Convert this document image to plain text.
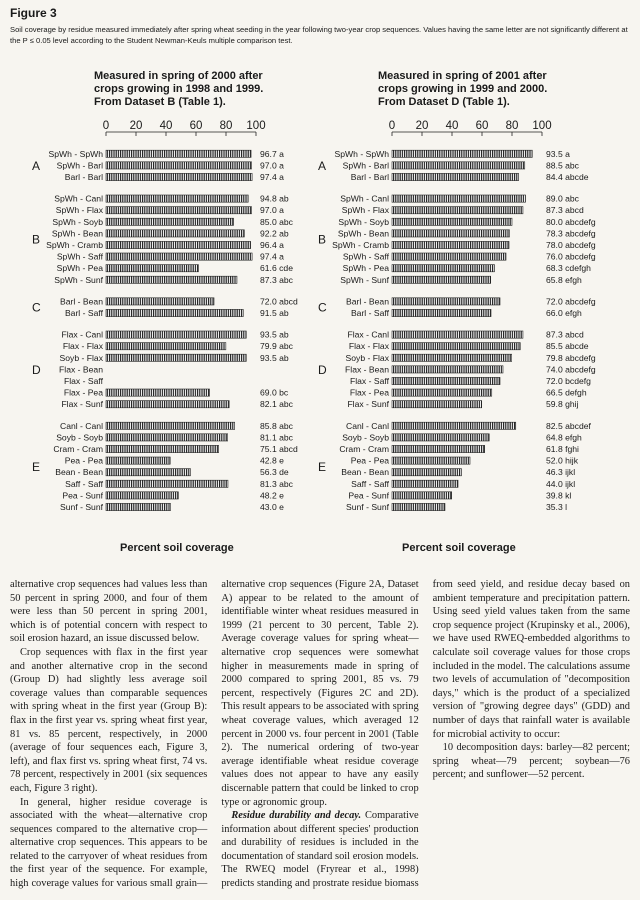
Figure 3
Soil coverage by residue measured immediately after spring wheat seeding in the year following two-year crop sequences. Values having the same letter are not significantly different at the P ≤ 0.05 level according to the Student Newman-Keuls multiple comparison test.
Measured in spring of 2000 after
crops growing in 1998 and 1999.
From Dataset B (Table 1).
0 20 40 60 80 100
SpWh - SpWh	96.7 a
SpWh - Barl	97.0 a
Barl - Barl	97.4 a
A
SpWh - Canl	94.8 ab
SpWh - Flax	97.0 a
SpWh - Soyb	85.0 abc
SpWh - Bean	92.2 ab
SpWh - Cramb	96.4 a
SpWh - Saff	97.4 a
SpWh - Pea	61.6 cde
SpWh - Sunf	87.3 abc
B
Barl - Bean	72.0 abcd
Barl - Saff	91.5 ab
C
Flax - Canl	93.5 ab
Flax - Flax	79.9 abc
Soyb - Flax	93.5 ab
Flax - Bean
Flax - Saff
Flax - Pea	69.0 bc
Flax - Sunf	82.1 abc
D
Canl - Canl	85.8 abc
Soyb - Soyb	81.1 abc
Cram - Cram	75.1 abcd
Pea - Pea	42.8 e
Bean - Bean	56.3 de
Saff - Saff	81.3 abc
Pea - Sunf	48.2 e
Sunf - Sunf	43.0 e
E
Percent soil coverage
Measured in spring of 2001 after
crops growing in 1999 and 2000.
From Dataset D (Table 1).
0 20 40 60 80 100
SpWh - SpWh	93.5 a
SpWh - Barl	88.5 abc
Barl - Barl	84.4 abcde
A
SpWh - Canl	89.0 abc
SpWh - Flax	87.3 abcd
SpWh - Soyb	80.0 abcdefg
SpWh - Bean	78.3 abcdefg
SpWh - Cramb	78.0 abcdefg
SpWh - Saff	76.0 abcdefg
SpWh - Pea	68.3 cdefgh
SpWh - Sunf	65.8 efgh
B
Barl - Bean	72.0 abcdefg
Barl - Saff	66.0 efgh
C
Flax - Canl	87.3 abcd
Flax - Flax	85.5 abcde
Soyb - Flax	79.8 abcdefg
Flax - Bean	74.0 abcdefg
Flax - Saff	72.0 bcdefg
Flax - Pea	66.5 defgh
Flax - Sunf	59.8 ghij
D
Canl - Canl	82.5 abcdef
Soyb - Soyb	64.8 efgh
Cram - Cram	61.8 fghi
Pea - Pea	52.0 hijk
Bean - Bean	46.3 ijkl
Saff - Saff	44.0 ijkl
Pea - Sunf	39.8 kl
Sunf - Sunf	35.3 l
E
Percent soil coverage

alternative crop sequences had values less than 50 percent in spring 2000, and four of them were less than 50 percent in spring 2001, which is of potential concern with respect to soil erosion hazard, an issue discussed below.

Crop sequences with flax in the first year and another alternative crop in the second (Group D) had slightly less average soil coverage values than comparable sequences with spring wheat in the first year (Group B): flax in the first year vs. spring wheat first year, 81 vs. 85 percent, respectively, in 2000 (average of four sequences each, Figure 3, left), and flax first vs. spring wheat first, 74 vs. 78 percent, respectively in 2001 (six sequences each, Figure 3 right).

In general, higher residue coverage is associated with the wheat—alternative crop sequences compared to the alternative crop—alternative crop sequences. This appears to be related to the carryover of wheat residues from the first year of the sequence. For example, high coverage values for various small grain—alternative crop sequences (Figure 2A, Dataset A) appear to be related to the amount of identifiable winter wheat residues measured in 1999 (21 percent to 30 percent, Table 2). Average coverage values for spring wheat—alternative crop sequences were somewhat higher in measurements made in spring of 2000 compared to spring 2001, 85 vs. 79 percent, respectively (Figures 2C and 2D). This result appears to be associated with spring wheat coverage values, which averaged 12 percent in 2000 vs. four percent in 2001 (Table 2). The numerical ordering of two-year average identifiable wheat residue coverage values does not appear to have any easily discernable pattern that could be linked to crop type or agronomic group.

Residue durability and decay. Comparative information about different species' production and durability of residues is included in the documentation of standard soil erosion models. The RWEQ model (Fryrear et al., 1998) predicts standing and prostrate residue biomass from seed yield, and residue decay based on ambient temperature and precipitation pattern. Using seed yield values taken from the same crop sequence project (Krupinsky et al., 2006), we have used RWEQ-embedded algorithms to calculate soil coverage values for those crops included in the model. The calculations assume two levels of accumulation of "decomposition days," which is the product of a specialized version of "growing degree days" (GDD) and number of days that rainfall water is available for microbial activity to occur:

10 decomposition days: barley—82 percent; spring wheat—79 percent; soybean—76 percent; and sunflower—52 percent.
